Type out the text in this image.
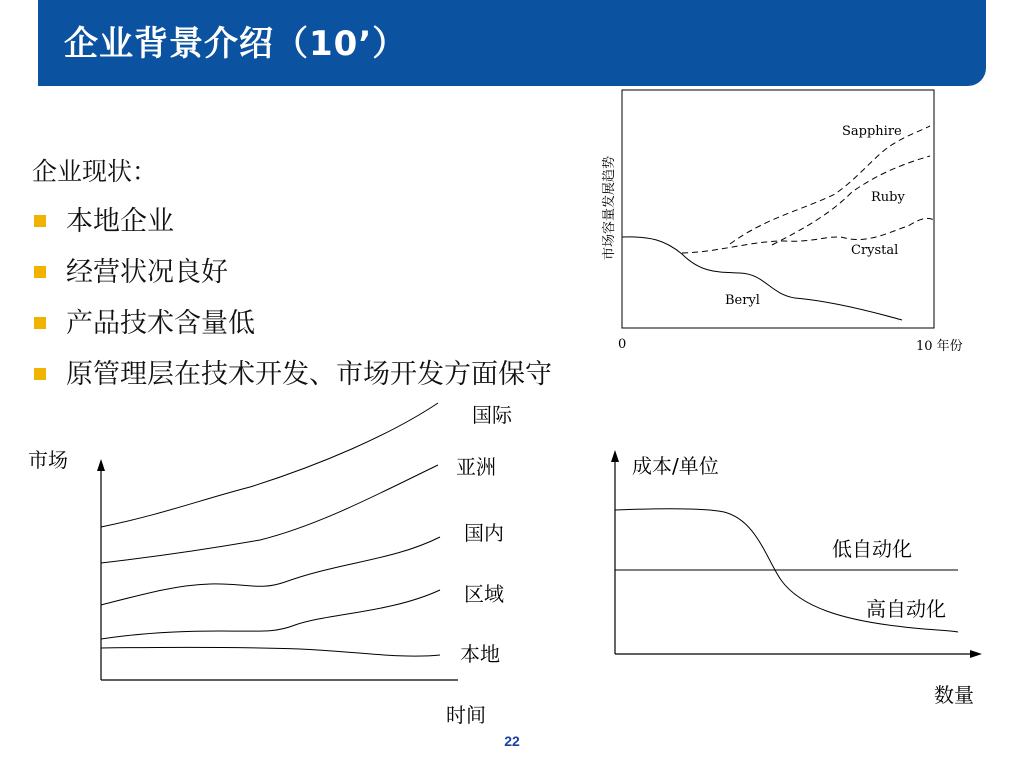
企业背景介绍（10’）
企业现状：
本地企业
经营状况良好
产品技术含量低
原管理层在技术开发、市场开发方面保守
市场容量发展趋势
Sapphire
Ruby
Crystal
Beryl
0	10 年份
市场
国际
亚洲
国内
区域
本地
时间
成本/单位
低自动化
高自动化
数量
22
